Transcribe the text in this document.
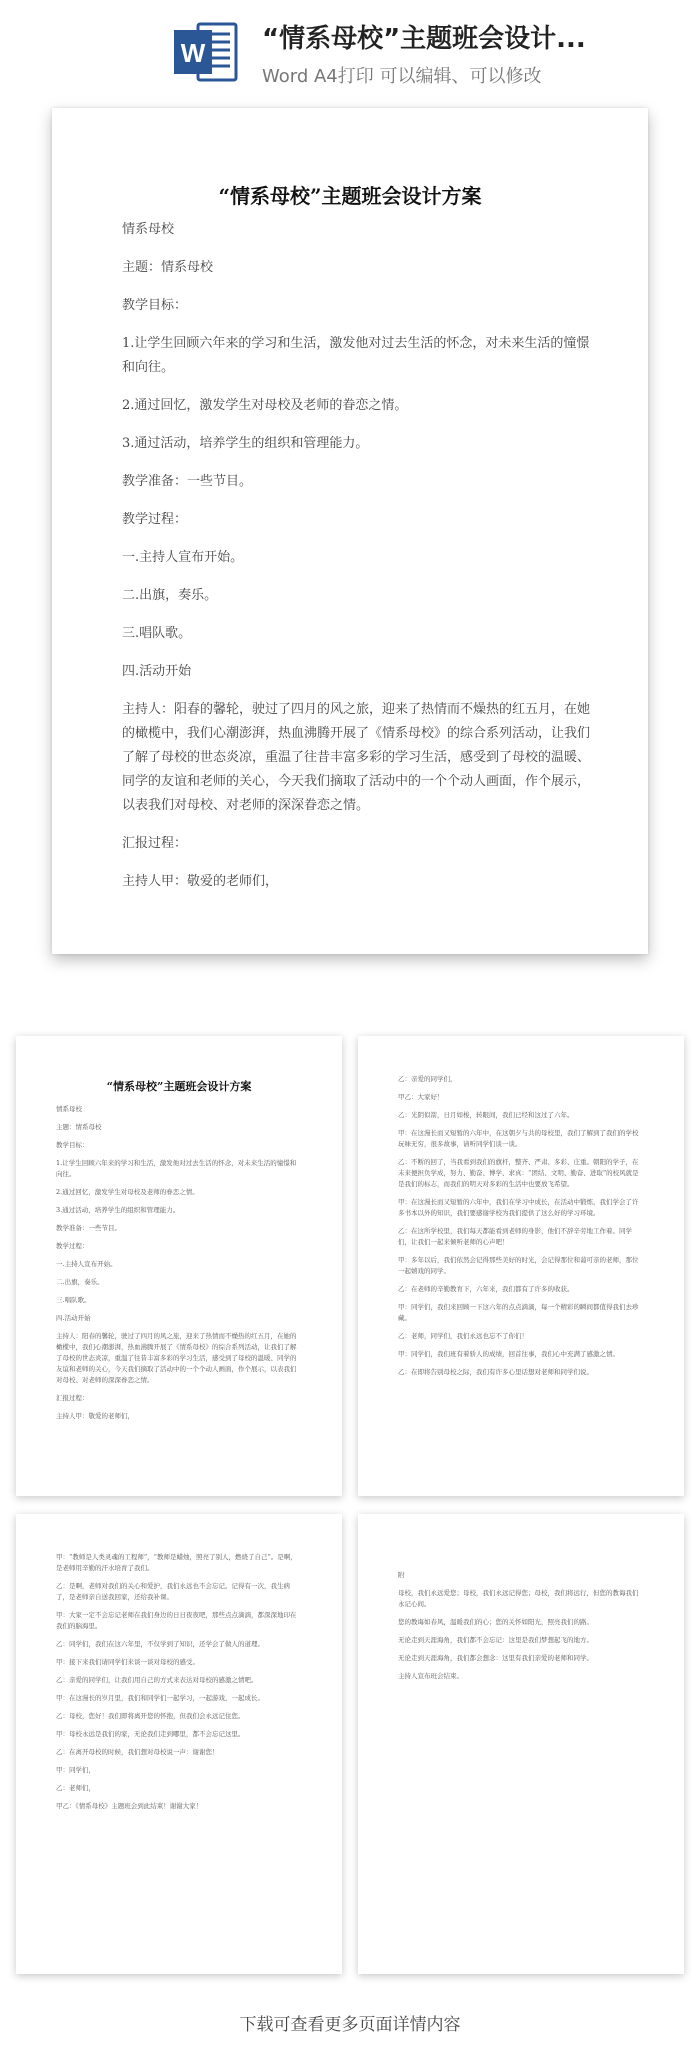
W “情系母校”主题班会设计...
Word A4打印 可以编辑、可以修改
“情系母校”主题班会设计方案

情系母校

主题：情系母校

教学目标：

1.让学生回顾六年来的学习和生活，激发他对过去生活的怀念，对未来生活的憧憬和向往。

2.通过回忆，激发学生对母校及老师的眷恋之情。

3.通过活动，培养学生的组织和管理能力。

教学准备：一些节目。

教学过程：

一.主持人宣布开始。

二.出旗，奏乐。

三.唱队歌。

四.活动开始

主持人：阳春的馨轮，驶过了四月的风之旅，迎来了热情而不燥热的红五月，在她的橄榄中，我们心潮澎湃，热血沸腾开展了《情系母校》的综合系列活动，让我们了解了母校的世态炎凉，重温了往昔丰富多彩的学习生活，感受到了母校的温暖、同学的友谊和老师的关心，今天我们摘取了活动中的一个个动人画面，作个展示，以表我们对母校、对老师的深深眷恋之情。

汇报过程：

主持人甲：敬爱的老师们，

“情系母校”主题班会设计方案

情系母校

主题：情系母校

教学目标：

1.让学生回顾六年来的学习和生活，激发他对过去生活的怀念，对未来生活的憧憬和向往。

2.通过回忆，激发学生对母校及老师的眷恋之情。

3.通过活动，培养学生的组织和管理能力。

教学准备：一些节目。

教学过程：

一.主持人宣布开始。

二.出旗，奏乐。

三.唱队歌。

四.活动开始

主持人：阳春的馨轮，驶过了四月的风之旅，迎来了热情而不燥热的红五月，在她的橄榄中，我们心潮澎湃，热血沸腾开展了《情系母校》的综合系列活动，让我们了解了母校的世态炎凉，重温了往昔丰富多彩的学习生活，感受到了母校的温暖、同学的友谊和老师的关心，今天我们摘取了活动中的一个个动人画面，作个展示，以表我们对母校、对老师的深深眷恋之情。

汇报过程：

主持人甲：敬爱的老师们，

乙：亲爱的同学们，

甲乙：大家好！

乙：光阴似箭，日月如梭，转眼间，我们已经和这过了六年。

甲：在这漫长而又短暂的六年中，在这朝夕与共的母校里，我们了解到了我们的学校玩味无穷，很多故事，请听同学们谈一谈。

乙：不断的回了，当我看到我们的旗杆，整齐、严肃、多彩、庄重。朝阳的学子，在未来便担负学成，努力、勤奋、博学、求真：“团结、文明、勤奋、进取”的校风就是是我们的标志，而我们的明天对多彩的生活中也要放飞希望。

甲：在这漫长而又短暂的六年中，我们在学习中成长，在活动中锻炼，我们学会了许多书本以外的知识，我们要感谢学校为我们提供了这么好的学习环境。

乙：在这所学校里，我们每天都能看到老师的身影，他们不辞辛劳地工作着。同学们，让我们一起来倾听老师的心声吧！

甲：多年以后，我们依然会记得那些美好的时光，会记得那位和蔼可亲的老师，那位一起嬉戏的同学。

乙：在老师的辛勤教育下，六年来，我们都有了许多的收获。

甲：同学们，我们来回顾一下这六年的点点滴滴，每一个精彩的瞬间都值得我们去珍藏。

乙：老师，同学们，我们永远也忘不了你们！

甲：同学们，我们班有着骄人的成绩，回首往事，我们心中充满了感激之情。

乙：在即将告别母校之际，我们有许多心里话想对老师和同学们说。

甲：“教师是人类灵魂的工程师”，“教师是蜡烛，照亮了别人，燃烧了自己”。是啊，是老师用辛勤的汗水培育了我们。

乙：是啊，老师对我们的关心和爱护，我们永远也不会忘记。记得有一次，我生病了，是老师亲自送我回家，还给我补课。

甲：大家一定不会忘记老师在我们身边的日日夜夜吧，那些点点滴滴，都深深地印在我们的脑海里。

乙：同学们，我们在这六年里，不仅学到了知识，还学会了做人的道理。

甲：接下来我们请同学们来谈一谈对母校的感受。

乙：亲爱的同学们，让我们用自己的方式来表达对母校的感激之情吧。

甲：在这漫长的岁月里，我们和同学们一起学习，一起游戏，一起成长。

乙：母校，您好！我们即将离开您的怀抱，但我们会永远记住您。

甲：母校永远是我们的家，无论我们走到哪里，都不会忘记这里。

乙：在离开母校的时候，我们想对母校说一声：谢谢您！

甲：同学们，

乙：老师们，

甲乙：《情系母校》主题班会到此结束！谢谢大家！

附

母校，我们永远爱您；母校，我们永远记得您；母校，我们将远行，但您的教诲我们永记心间。

您的教诲如春风，温暖我们的心；您的关怀如阳光，照亮我们的路。

无论走到天涯海角，我们都不会忘记：这里是我们梦想起飞的地方。

无论走到天涯海角，我们都会想念：这里有我们亲爱的老师和同学。

主持人宣布班会结束。

下载可查看更多页面详情内容
